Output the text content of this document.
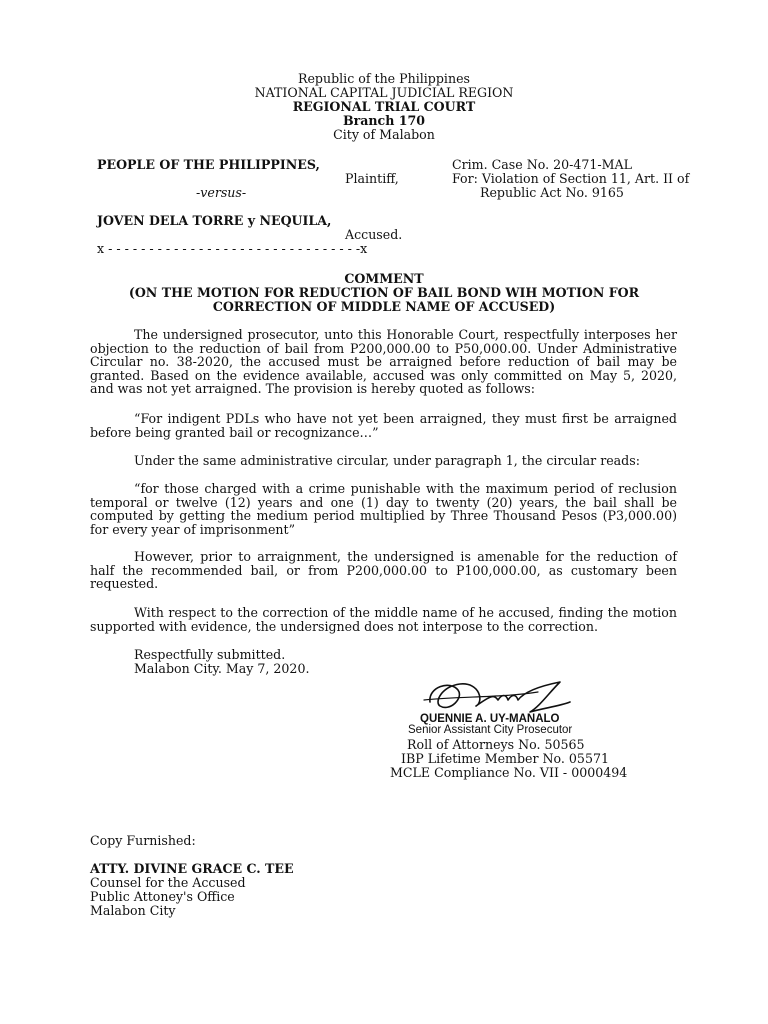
Republic of the Philippines
NATIONAL CAPITAL JUDICIAL REGION
REGIONAL TRIAL COURT
Branch 170
City of Malabon
PEOPLE OF THE PHILIPPINES,
Plaintiff,
-versus-
JOVEN DELA TORRE y NEQUILA,
Accused.
x - - - - - - - - - - - - - - - - - - - - - - - - - - - - - - -x
Crim. Case No. 20-471-MAL
For: Violation of Section 11, Art. II of
Republic Act No. 9165
COMMENT
(ON THE MOTION FOR REDUCTION OF BAIL BOND WIH MOTION FOR
CORRECTION OF MIDDLE NAME OF ACCUSED)
The undersigned prosecutor, unto this Honorable Court, respectfully interposes her objection to the reduction of bail from P200,000.00 to P50,000.00. Under Administrative Circular no. 38-2020, the accused must be arraigned before reduction of bail may be granted. Based on the evidence available, accused was only committed on May 5, 2020, and was not yet arraigned. The provision is hereby quoted as follows:
“For indigent PDLs who have not yet been arraigned, they must first be arraigned before being granted bail or recognizance…”
Under the same administrative circular, under paragraph 1, the circular reads:
“for those charged with a crime punishable with the maximum period of reclusion temporal or twelve (12) years and one (1) day to twenty (20) years, the bail shall be computed by getting the medium period multiplied by Three Thousand Pesos (P3,000.00) for every year of imprisonment”
However, prior to arraignment, the undersigned is amenable for the reduction of half the recommended bail, or from P200,000.00 to P100,000.00, as customary been requested.
With respect to the correction of the middle name of he accused, finding the motion supported with evidence, the undersigned does not interpose to the correction.
Respectfully submitted.
Malabon City. May 7, 2020.
QUENNIE A. UY-MANALO
Senior Assistant City Prosecutor
Roll of Attorneys No. 50565
IBP Lifetime Member No. 05571
MCLE Compliance No. VII - 0000494
Copy Furnished:
ATTY. DIVINE GRACE C. TEE
Counsel for the Accused
Public Attoney's Office
Malabon City
